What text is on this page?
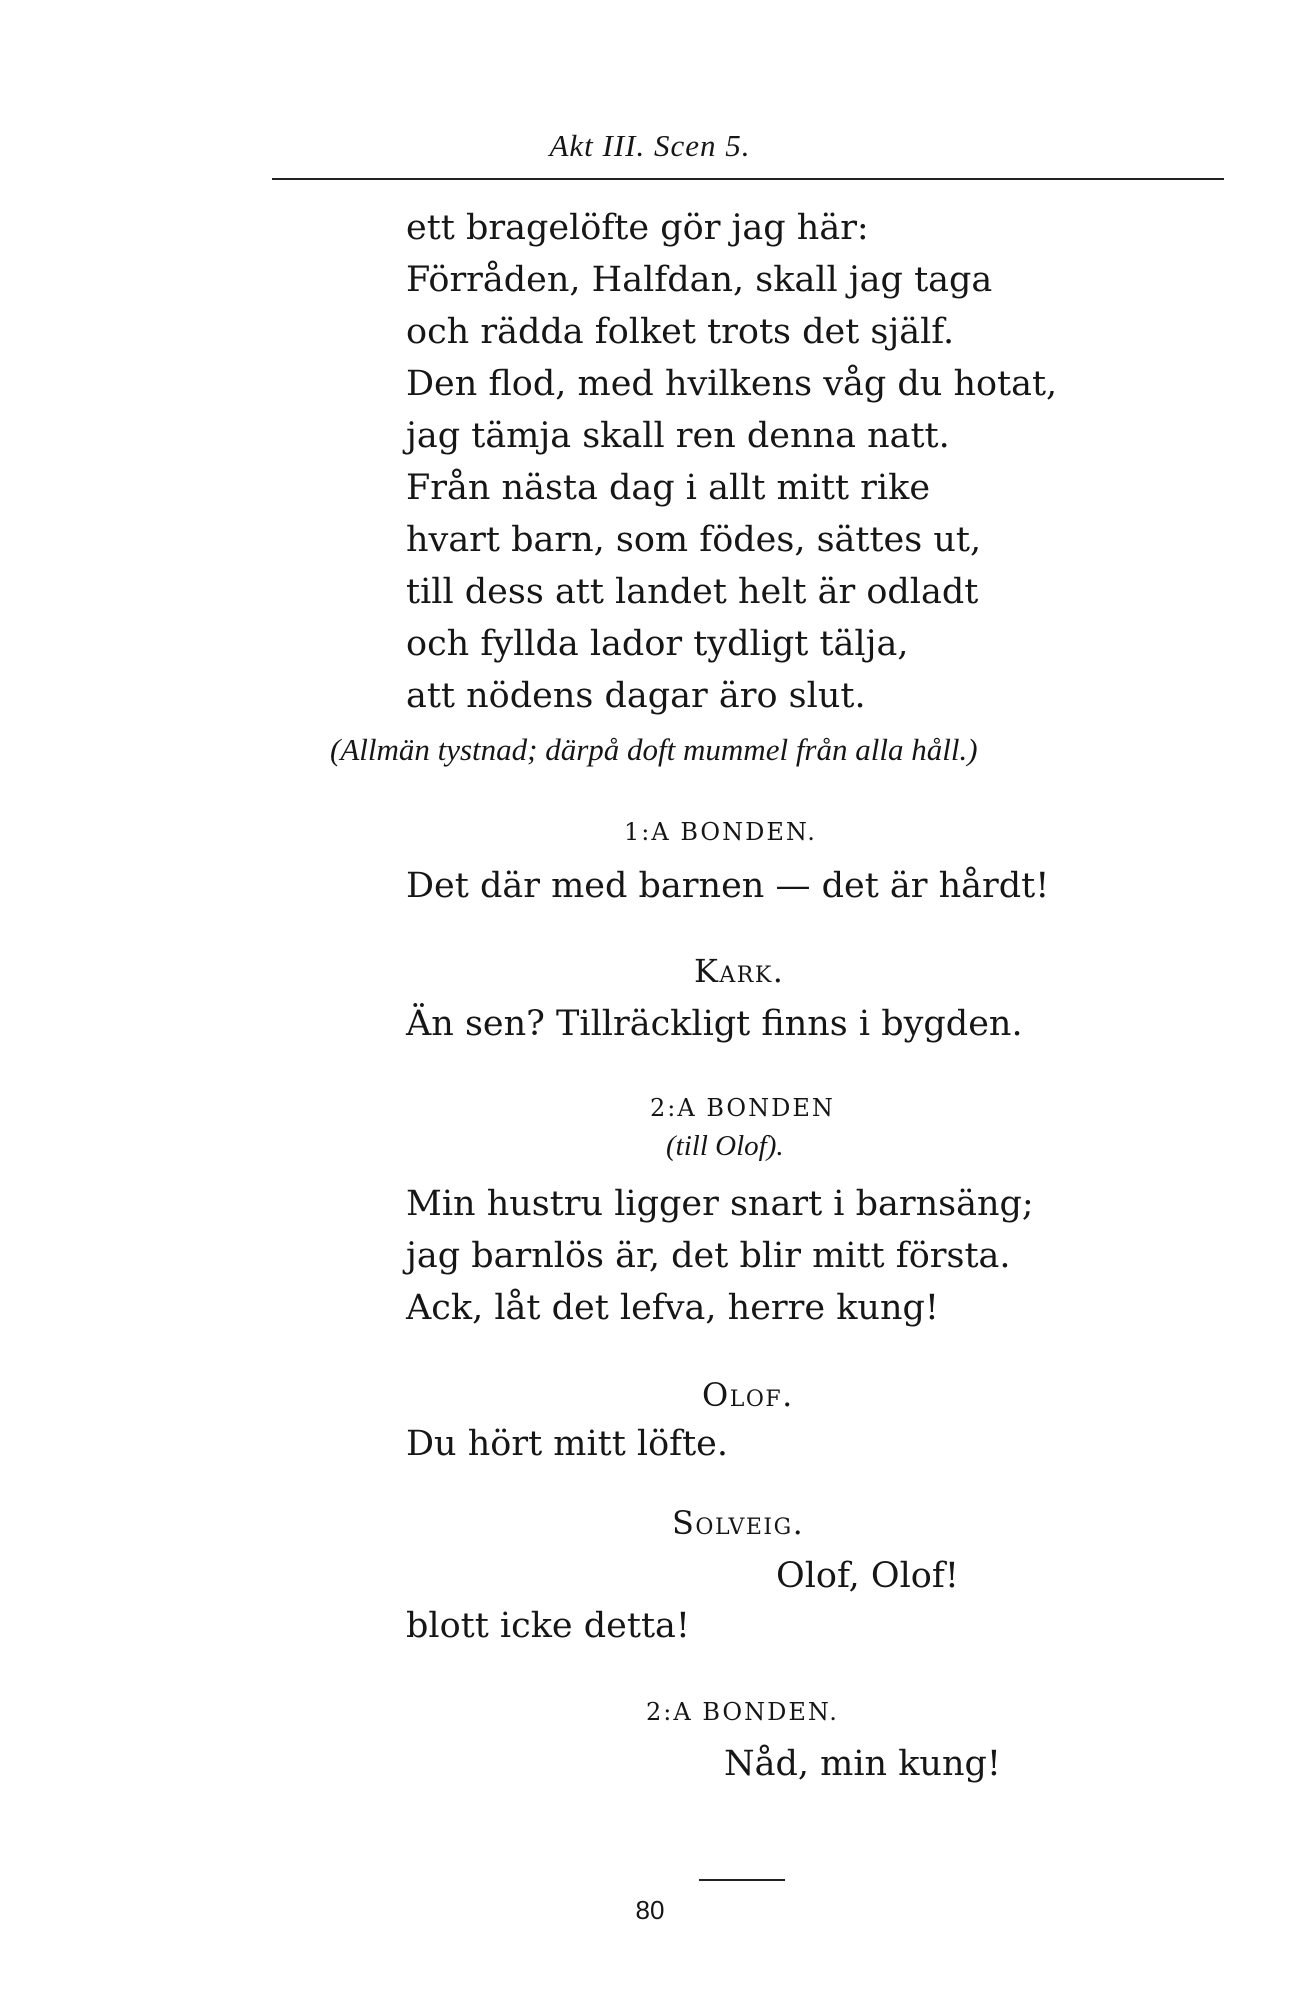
Akt III. Scen 5.
ett bragelöfte gör jag här:
Förråden, Halfdan, skall jag taga
och rädda folket trots det själf.
Den flod, med hvilkens våg du hotat,
jag tämja skall ren denna natt.
Från nästa dag i allt mitt rike
hvart barn, som födes, sättes ut,
till dess att landet helt är odladt
och fyllda lador tydligt tälja,
att nödens dagar äro slut.
(Allmän tystnad; därpå doft mummel från alla håll.)
1:A BONDEN.
Det där med barnen — det är hårdt!
Kark.
Än sen? Tillräckligt finns i bygden.
2:A BONDEN
(till Olof).
Min hustru ligger snart i barnsäng;
jag barnlös är, det blir mitt första.
Ack, låt det lefva, herre kung!
Olof.
Du hört mitt löfte.
Solveig.
Olof, Olof!
blott icke detta!
2:A BONDEN.
Nåd, min kung!
80
